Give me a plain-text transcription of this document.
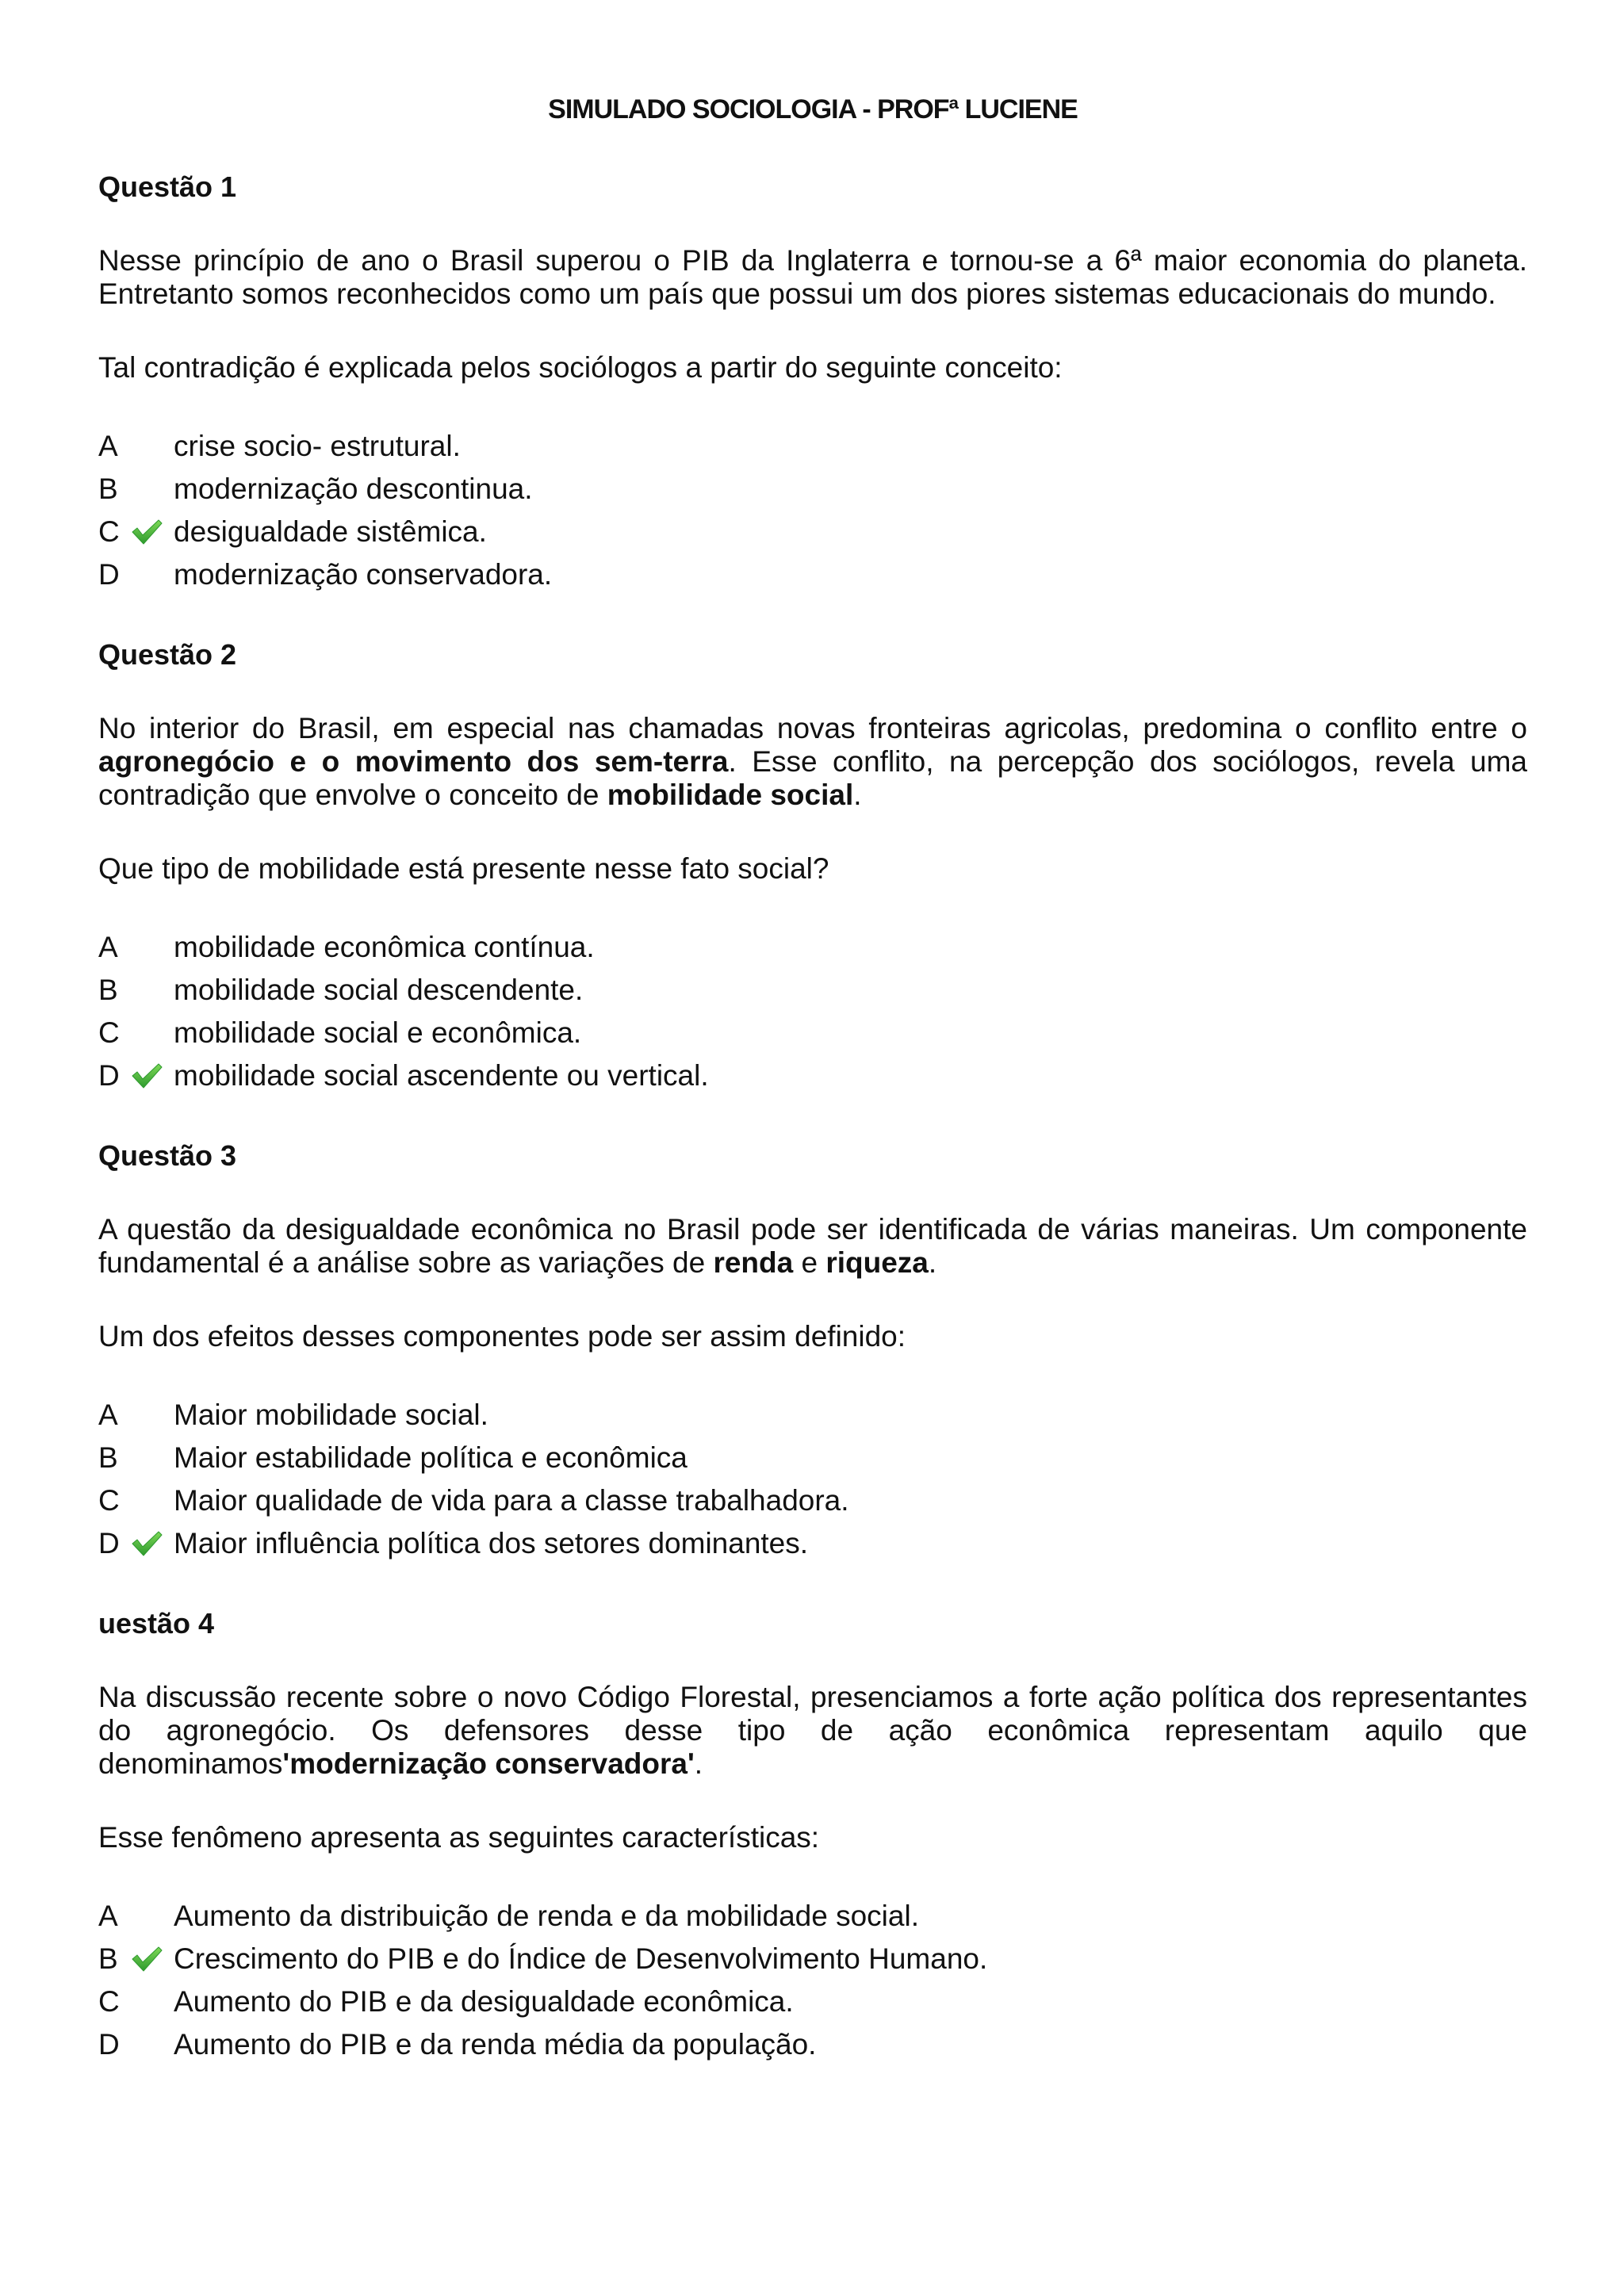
SIMULADO SOCIOLOGIA - PROFª LUCIENE
Questão 1

Nesse princípio de ano o Brasil superou o PIB da Inglaterra e tornou-se a 6ª maior economia do planeta. Entretanto somos reconhecidos como um país que possui um dos piores sistemas educacionais do mundo.

Tal contradição é explicada pelos sociólogos a partir do seguinte conceito:

A	crise socio- estrutural.
B	modernização descontinua.
C	desigualdade sistêmica.
D	modernização conservadora.
Questão 2

No interior do Brasil, em especial nas chamadas novas fronteiras agricolas, predomina o conflito entre o agronegócio e o movimento dos sem-terra. Esse conflito, na percepção dos sociólogos, revela uma contradição que envolve o conceito de mobilidade social.

Que tipo de mobilidade está presente nesse fato social?

A	mobilidade econômica contínua.
B	mobilidade social descendente.
C	mobilidade social e econômica.
D	mobilidade social ascendente ou vertical.
Questão 3

A questão da desigualdade econômica no Brasil pode ser identificada de várias maneiras. Um componente fundamental é a análise sobre as variações de renda e riqueza.

Um dos efeitos desses componentes pode ser assim definido:

A	Maior mobilidade social.
B	Maior estabilidade política e econômica
C	Maior qualidade de vida para a classe trabalhadora.
D	Maior influência política dos setores dominantes.
uestão 4

Na discussão recente sobre o novo Código Florestal, presenciamos a forte ação política dos representantes do agronegócio. Os defensores desse tipo de ação econômica representam aquilo que denominamos'modernização conservadora'.

Esse fenômeno apresenta as seguintes características:

A	Aumento da distribuição de renda e da mobilidade social.
B	Crescimento do PIB e do Índice de Desenvolvimento Humano.
C	Aumento do PIB e da desigualdade econômica.
D	Aumento do PIB e da renda média da população.
